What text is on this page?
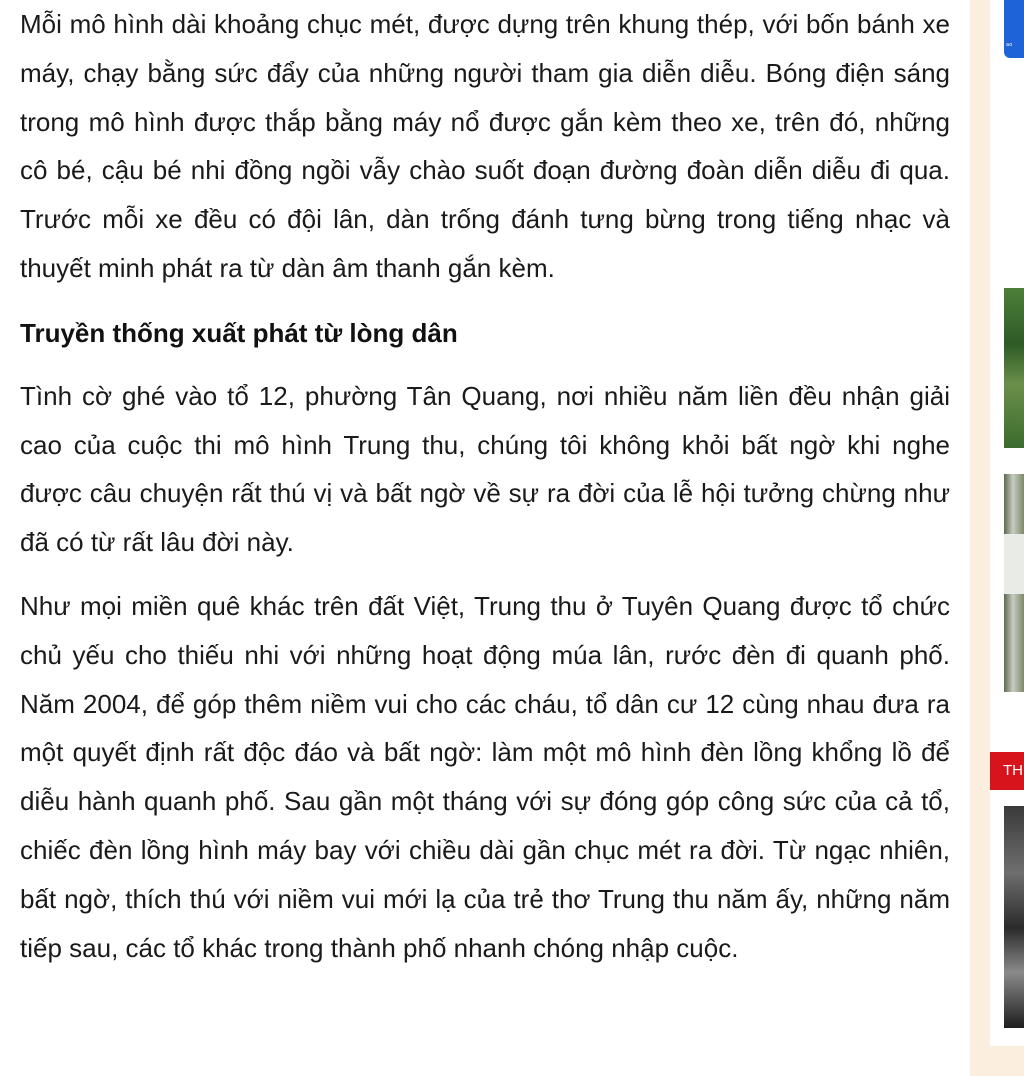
Mỗi mô hình dài khoảng chục mét, được dựng trên khung thép, với bốn bánh xe máy, chạy bằng sức đẩy của những người tham gia diễn diễu. Bóng điện sáng trong mô hình được thắp bằng máy nổ được gắn kèm theo xe, trên đó, những cô bé, cậu bé nhi đồng ngồi vẫy chào suốt đoạn đường đoàn diễn diễu đi qua. Trước mỗi xe đều có đội lân, dàn trống đánh tưng bừng trong tiếng nhạc và thuyết minh phát ra từ dàn âm thanh gắn kèm.

Truyền thống xuất phát từ lòng dân

Tình cờ ghé vào tổ 12, phường Tân Quang, nơi nhiều năm liền đều nhận giải cao của cuộc thi mô hình Trung thu, chúng tôi không khỏi bất ngờ khi nghe được câu chuyện rất thú vị và bất ngờ về sự ra đời của lễ hội tưởng chừng như đã có từ rất lâu đời này.

Như mọi miền quê khác trên đất Việt, Trung thu ở Tuyên Quang được tổ chức chủ yếu cho thiếu nhi với những hoạt động múa lân, rước đèn đi quanh phố. Năm 2004, để góp thêm niềm vui cho các cháu, tổ dân cư 12 cùng nhau đưa ra một quyết định rất độc đáo và bất ngờ: làm một mô hình đèn lồng khổng lồ để diễu hành quanh phố. Sau gần một tháng với sự đóng góp công sức của cả tổ, chiếc đèn lồng hình máy bay với chiều dài gần chục mét ra đời. Từ ngạc nhiên, bất ngờ, thích thú với niềm vui mới lạ của trẻ thơ Trung thu năm ấy, những năm tiếp sau, các tổ khác trong thành phố nhanh chóng nhập cuộc.

ao
TH
